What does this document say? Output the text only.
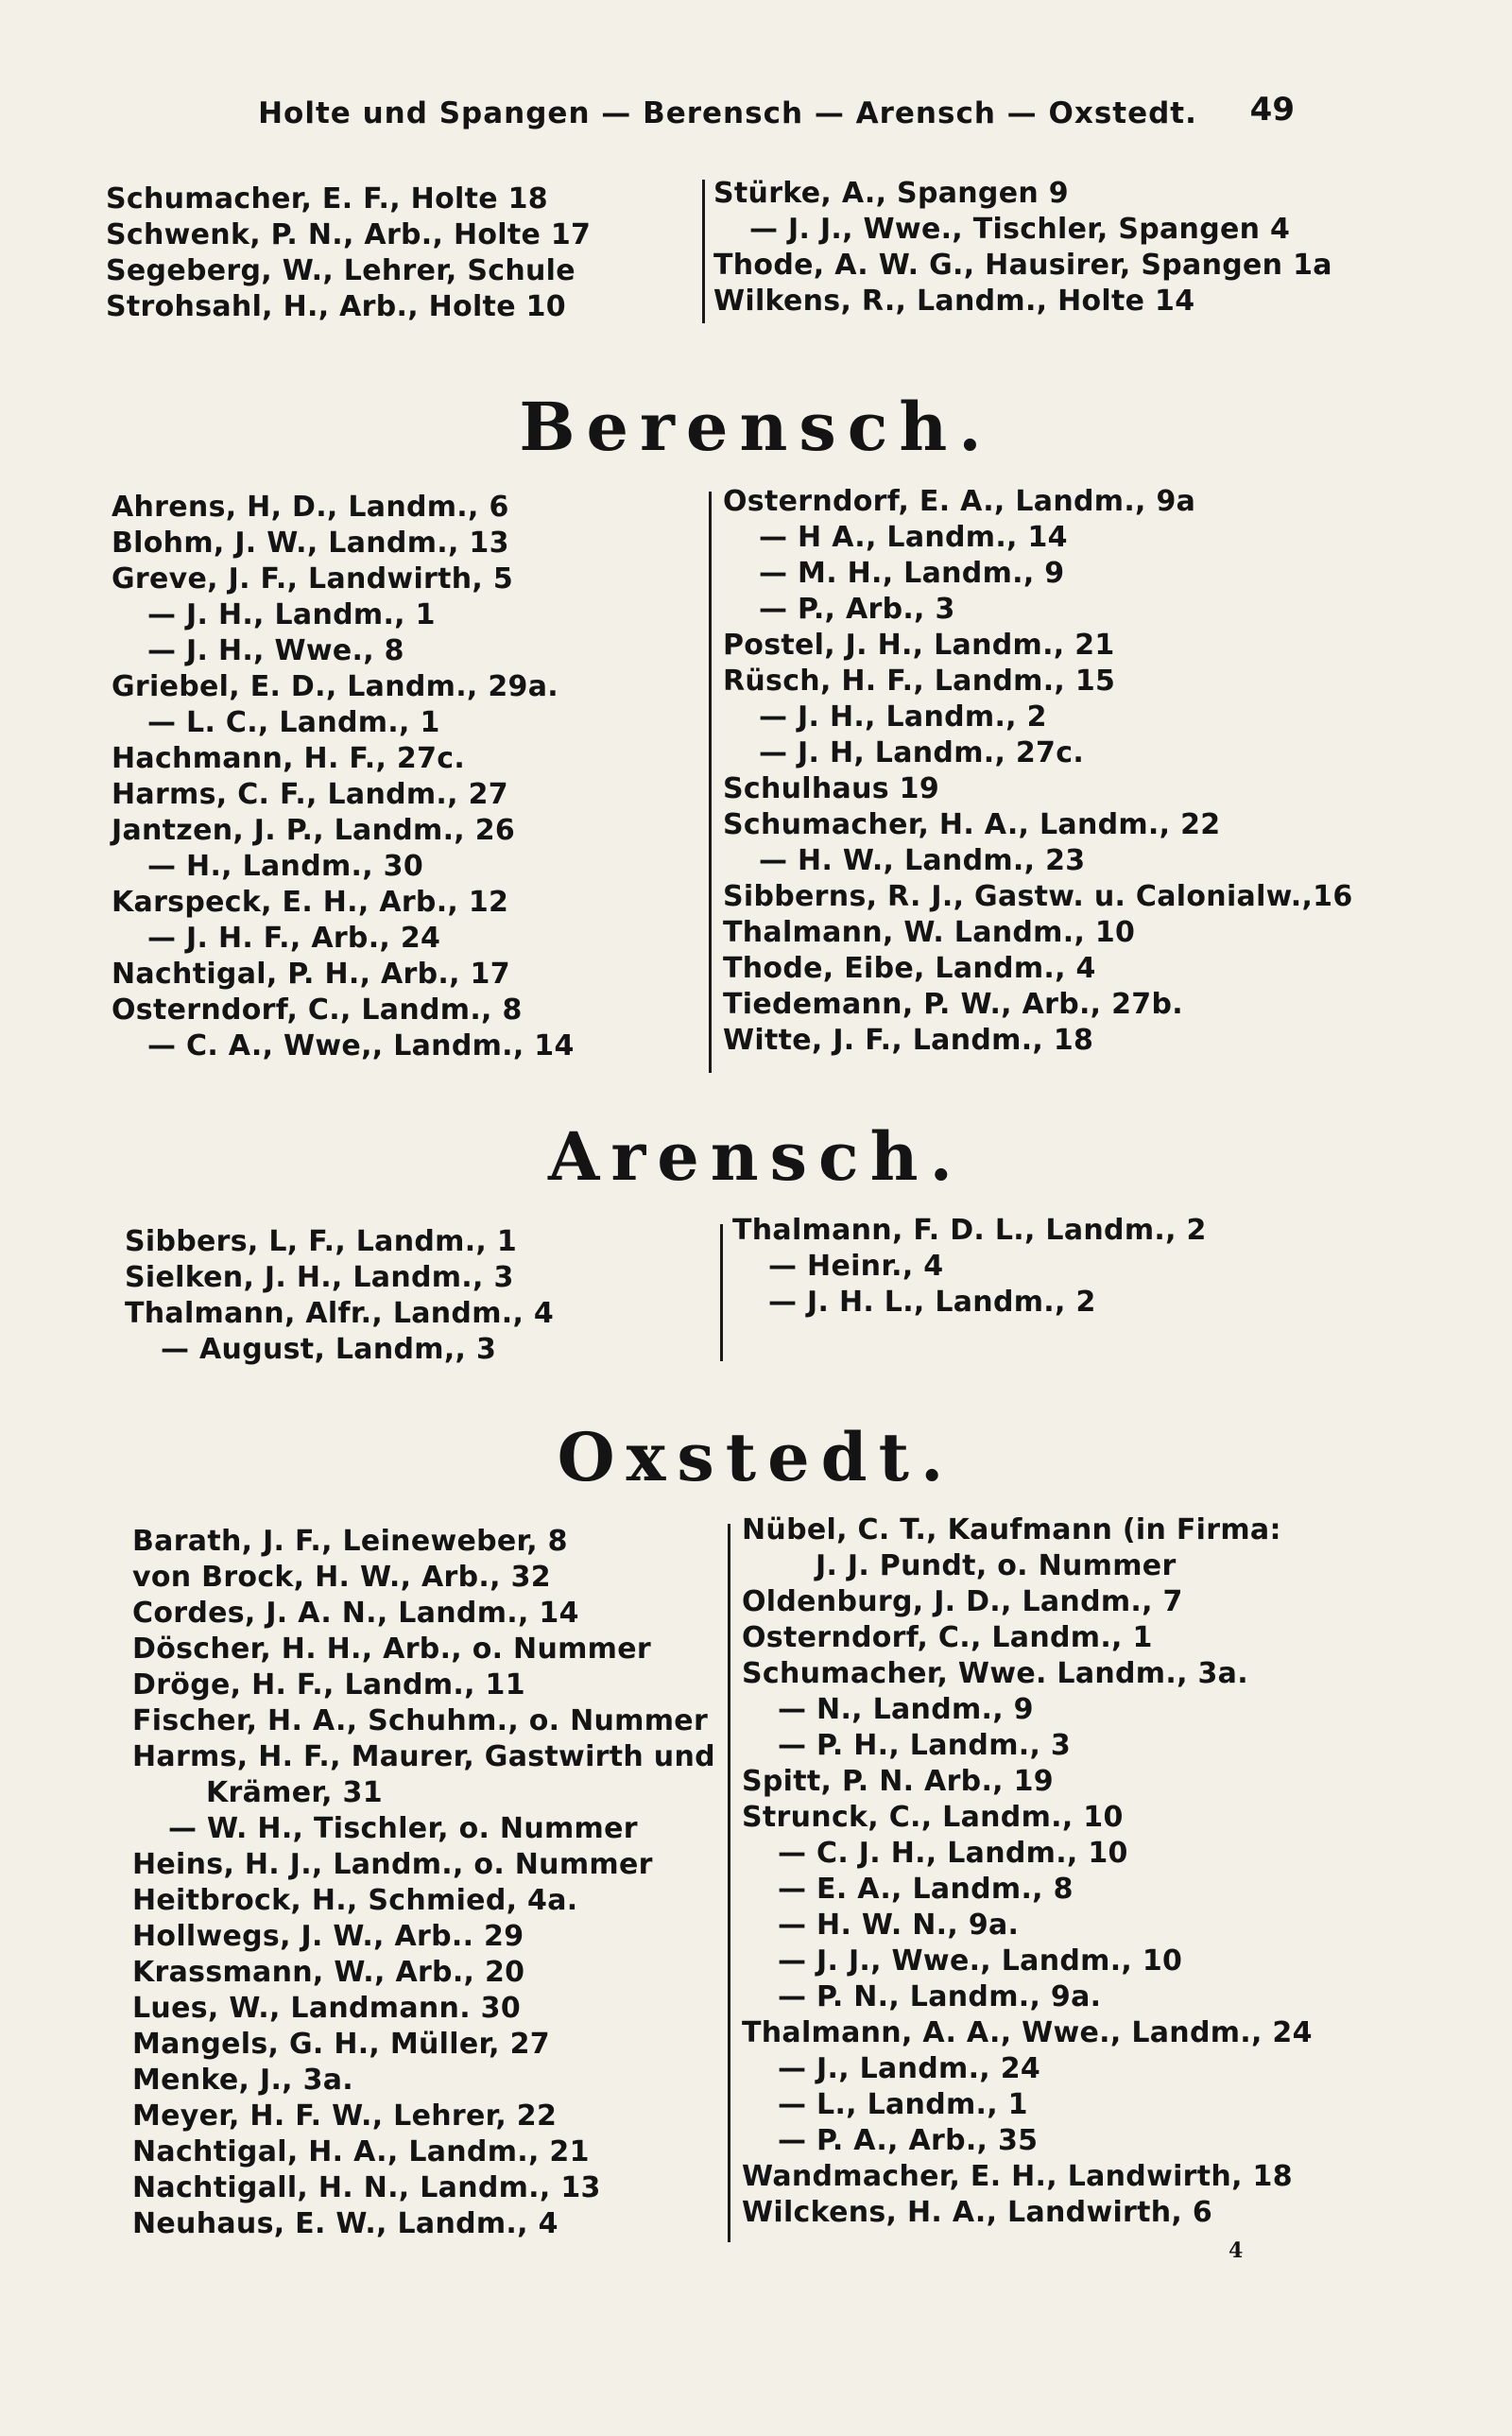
Holte und Spangen — Berensch — Arensch — Oxstedt. 49
Schumacher, E. F., Holte 18
Schwenk, P. N., Arb., Holte 17
Segeberg, W., Lehrer, Schule
Strohsahl, H., Arb., Holte 10
Stürke, A., Spangen 9
— J. J., Wwe., Tischler, Spangen 4
Thode, A. W. G., Hausirer, Spangen 1a
Wilkens, R., Landm., Holte 14
Berensch.
Ahrens, H, D., Landm., 6
Blohm, J. W., Landm., 13
Greve, J. F., Landwirth, 5
— J. H., Landm., 1
— J. H., Wwe., 8
Griebel, E. D., Landm., 29a.
— L. C., Landm., 1
Hachmann, H. F., 27c.
Harms, C. F., Landm., 27
Jantzen, J. P., Landm., 26
— H., Landm., 30
Karspeck, E. H., Arb., 12
— J. H. F., Arb., 24
Nachtigal, P. H., Arb., 17
Osterndorf, C., Landm., 8
— C. A., Wwe,, Landm., 14
Osterndorf, E. A., Landm., 9a
— H A., Landm., 14
— M. H., Landm., 9
— P., Arb., 3
Postel, J. H., Landm., 21
Rüsch, H. F., Landm., 15
— J. H., Landm., 2
— J. H, Landm., 27c.
Schulhaus 19
Schumacher, H. A., Landm., 22
— H. W., Landm., 23
Sibberns, R. J., Gastw. u. Calonialw.,16
Thalmann, W. Landm., 10
Thode, Eibe, Landm., 4
Tiedemann, P. W., Arb., 27b.
Witte, J. F., Landm., 18
Arensch.
Sibbers, L, F., Landm., 1
Sielken, J. H., Landm., 3
Thalmann, Alfr., Landm., 4
— August, Landm,, 3
Thalmann, F. D. L., Landm., 2
— Heinr., 4
— J. H. L., Landm., 2
Oxstedt.
Barath, J. F., Leineweber, 8
von Brock, H. W., Arb., 32
Cordes, J. A. N., Landm., 14
Döscher, H. H., Arb., o. Nummer
Dröge, H. F., Landm., 11
Fischer, H. A., Schuhm., o. Nummer
Harms, H. F., Maurer, Gastwirth und
Krämer, 31
— W. H., Tischler, o. Nummer
Heins, H. J., Landm., o. Nummer
Heitbrock, H., Schmied, 4a.
Hollwegs, J. W., Arb.. 29
Krassmann, W., Arb., 20
Lues, W., Landmann. 30
Mangels, G. H., Müller, 27
Menke, J., 3a.
Meyer, H. F. W., Lehrer, 22
Nachtigal, H. A., Landm., 21
Nachtigall, H. N., Landm., 13
Neuhaus, E. W., Landm., 4
Nübel, C. T., Kaufmann (in Firma:
J. J. Pundt, o. Nummer
Oldenburg, J. D., Landm., 7
Osterndorf, C., Landm., 1
Schumacher, Wwe. Landm., 3a.
— N., Landm., 9
— P. H., Landm., 3
Spitt, P. N. Arb., 19
Strunck, C., Landm., 10
— C. J. H., Landm., 10
— E. A., Landm., 8
— H. W. N., 9a.
— J. J., Wwe., Landm., 10
— P. N., Landm., 9a.
Thalmann, A. A., Wwe., Landm., 24
— J., Landm., 24
— L., Landm., 1
— P. A., Arb., 35
Wandmacher, E. H., Landwirth, 18
Wilckens, H. A., Landwirth, 6
4
